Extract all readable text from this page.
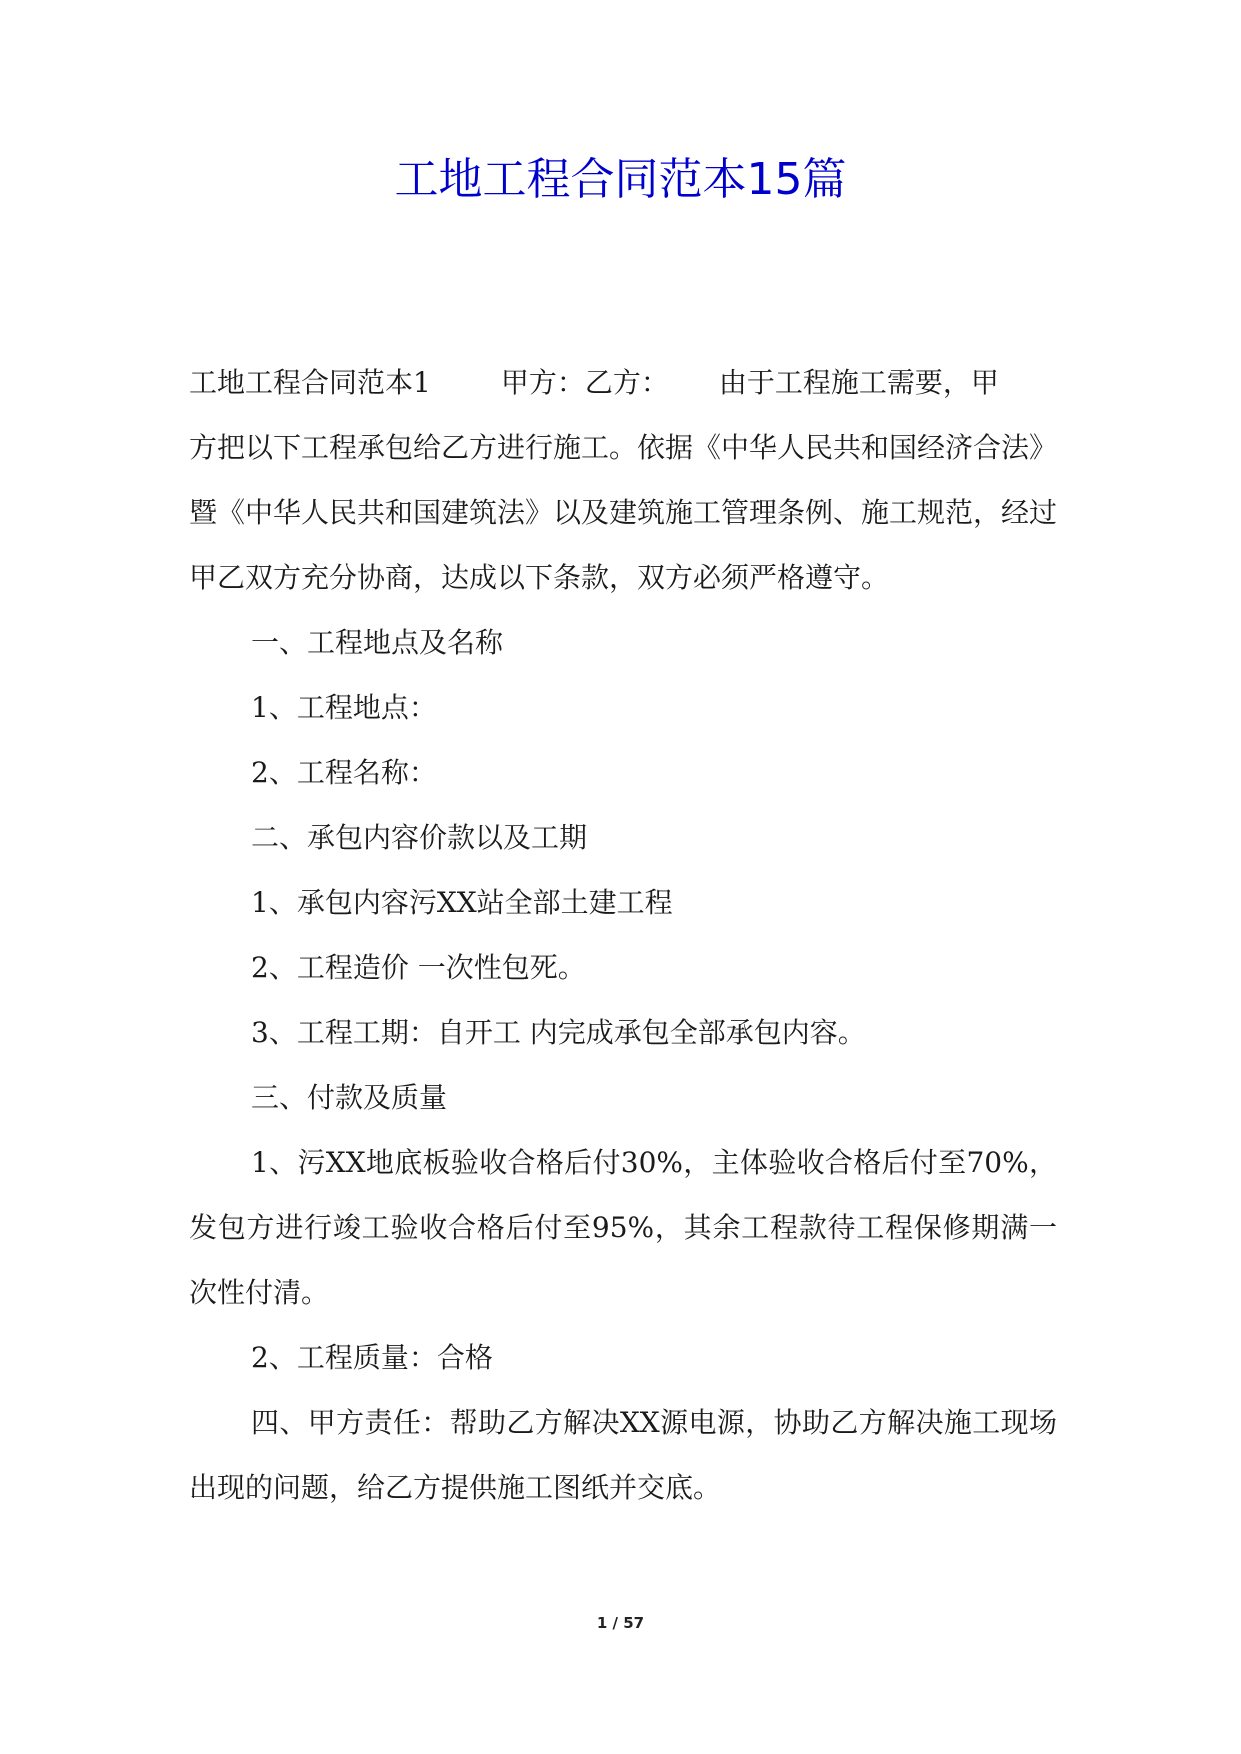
工地工程合同范本15篇

工地工程合同范本1	甲方：乙方： 由于工程施工需要，甲

方把以下工程承包给乙方进行施工。依据《中华人民共和国经济合法》暨《中华人民共和国建筑法》以及建筑施工管理条例、施工规范，经过甲乙双方充分协商，达成以下条款，双方必须严格遵守。

一、工程地点及名称

1、工程地点：

2、工程名称：

二、承包内容价款以及工期

1、承包内容污XX站全部土建工程

2、工程造价 一次性包死。

3、工程工期：自开工 内完成承包全部承包内容。

三、付款及质量

1、污XX地底板验收合格后付30%，主体验收合格后付至70%，发包方进行竣工验收合格后付至95%，其余工程款待工程保修期满一次性付清。

2、工程质量：合格

四、甲方责任：帮助乙方解决XX源电源，协助乙方解决施工现场出现的问题，给乙方提供施工图纸并交底。

1 / 57
